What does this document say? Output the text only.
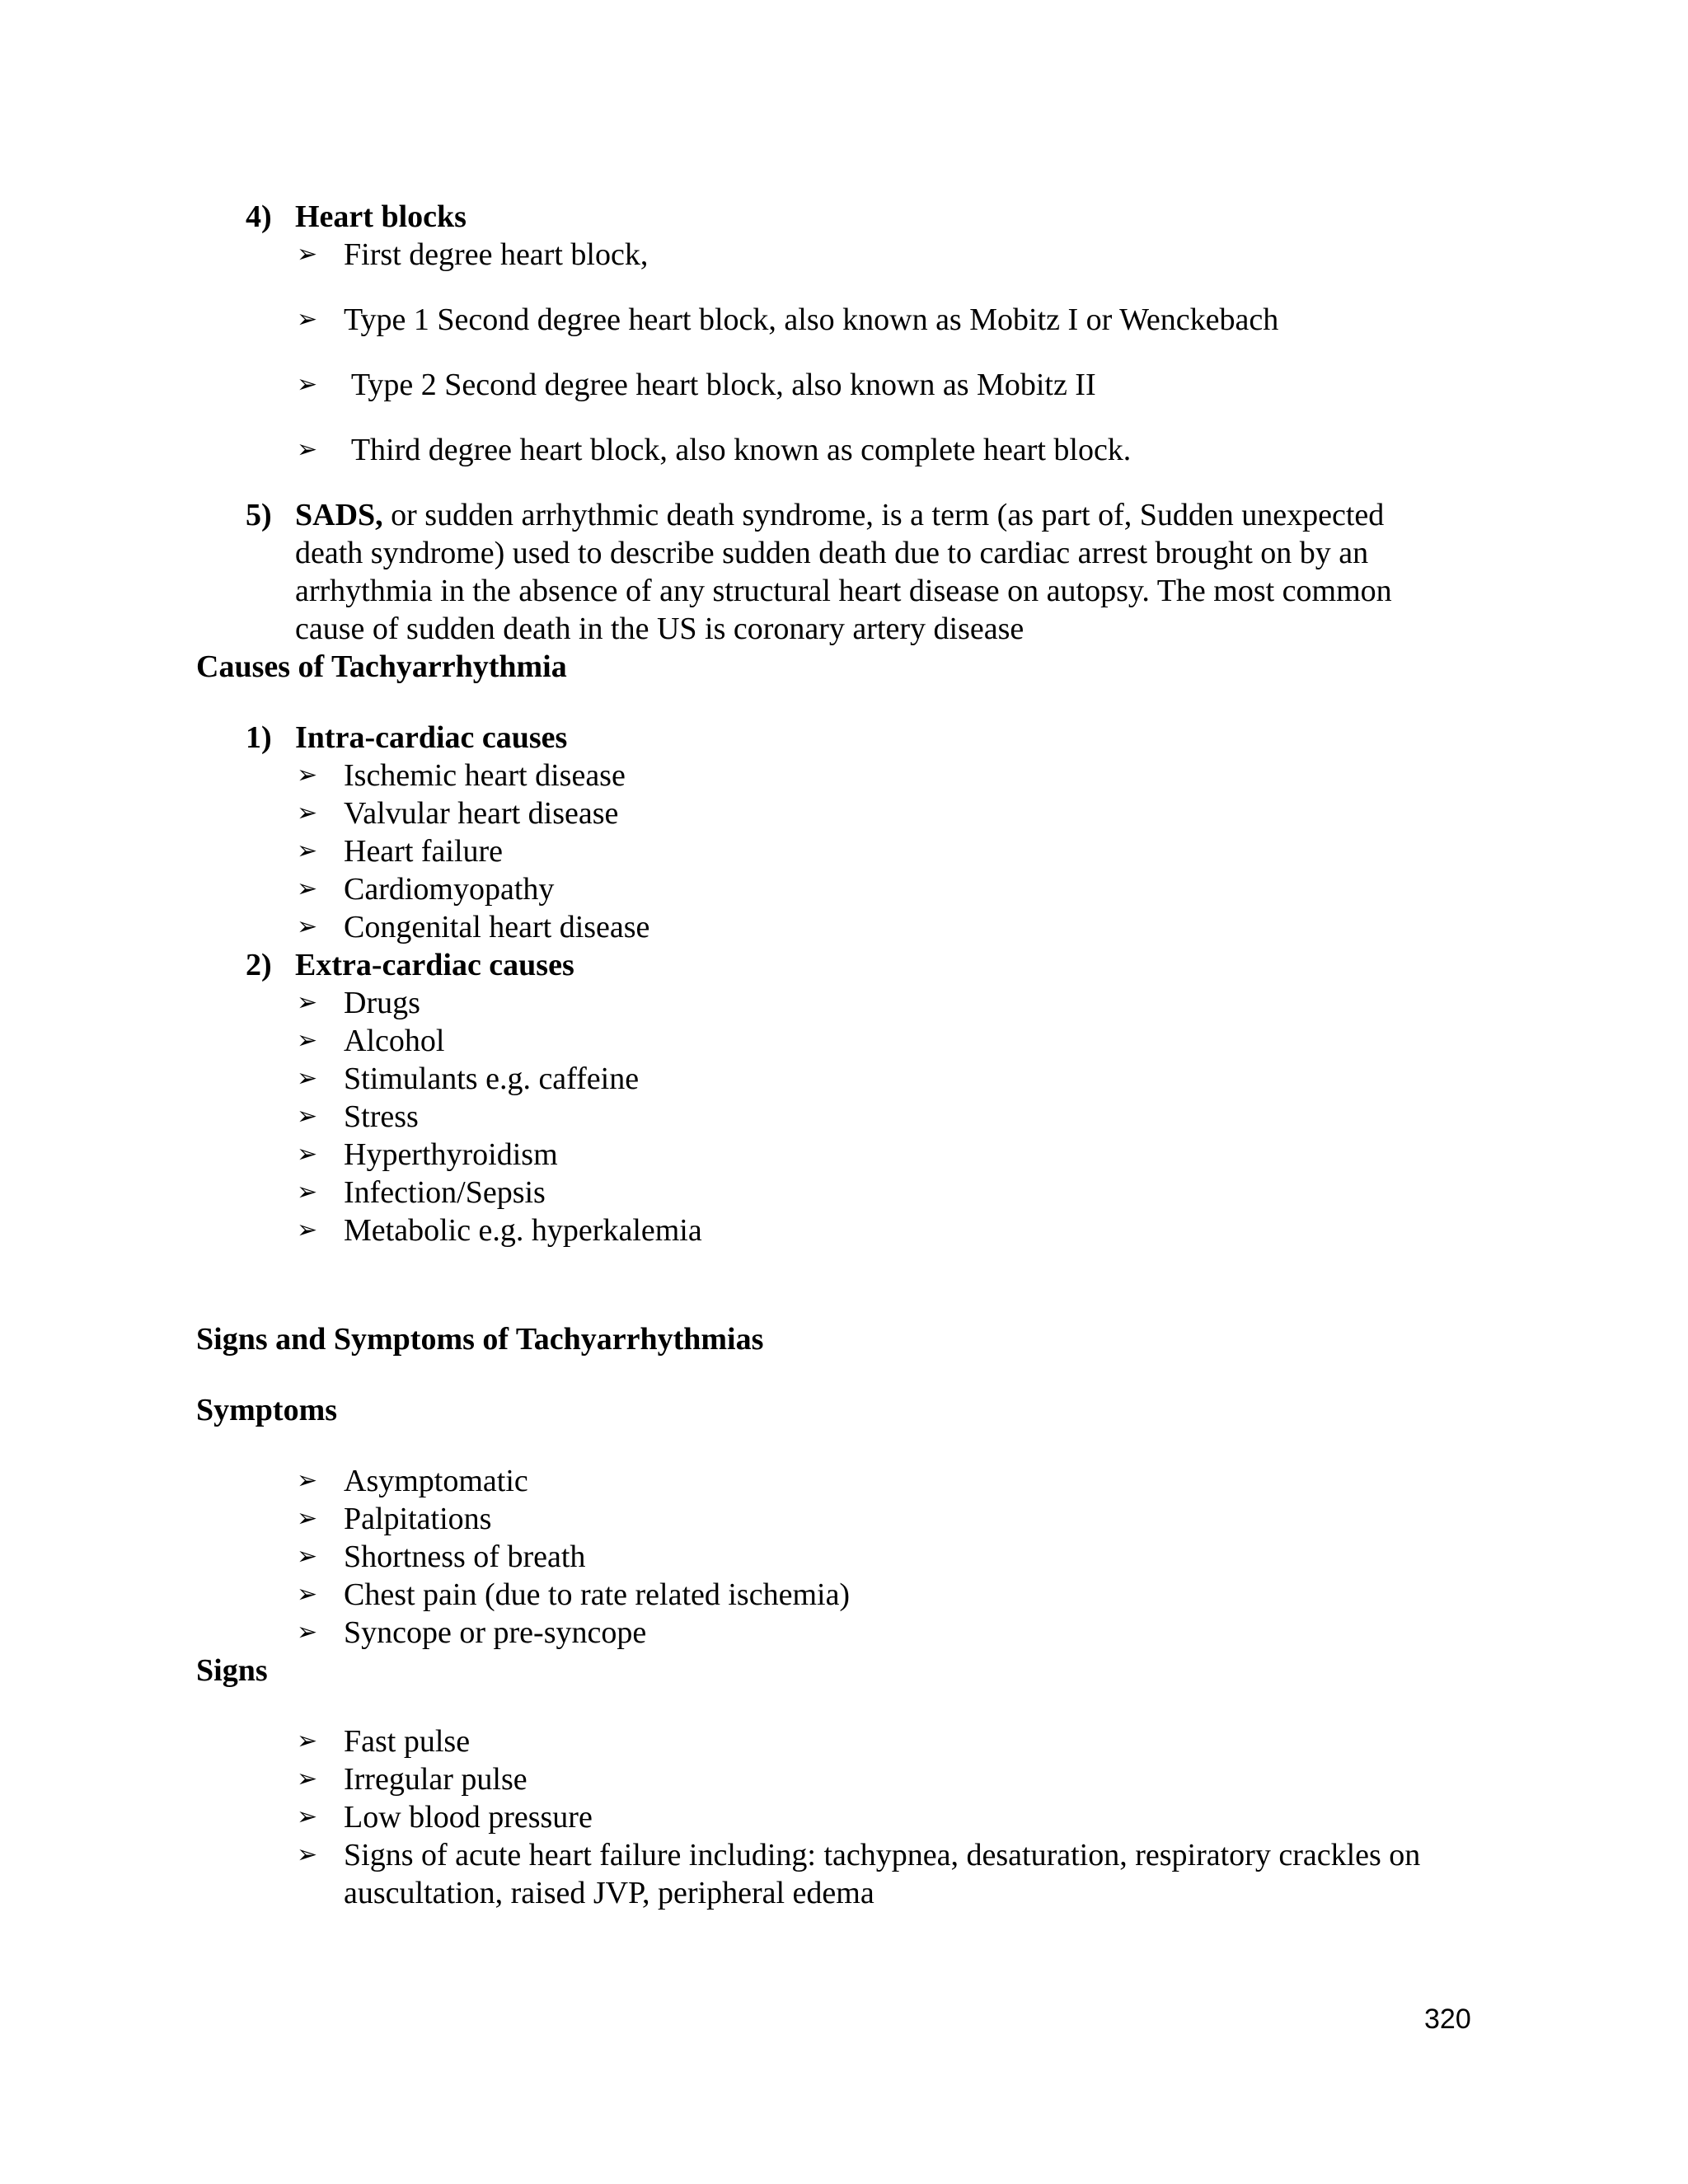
4) Heart blocks
➢ First degree heart block,
➢ Type 1 Second degree heart block, also known as Mobitz I or Wenckebach
➢ Type 2 Second degree heart block, also known as Mobitz II
➢ Third degree heart block, also known as complete heart block.
5) SADS, or sudden arrhythmic death syndrome, is a term (as part of, Sudden unexpected
death syndrome) used to describe sudden death due to cardiac arrest brought on by an
arrhythmia in the absence of any structural heart disease on autopsy. The most common
cause of sudden death in the US is coronary artery disease
Causes of Tachyarrhythmia
1) Intra-cardiac causes
➢ Ischemic heart disease
➢ Valvular heart disease
➢ Heart failure
➢ Cardiomyopathy
➢ Congenital heart disease
2) Extra-cardiac causes
➢ Drugs
➢ Alcohol
➢ Stimulants e.g. caffeine
➢ Stress
➢ Hyperthyroidism
➢ Infection/Sepsis
➢ Metabolic e.g. hyperkalemia
Signs and Symptoms of Tachyarrhythmias
Symptoms
➢ Asymptomatic
➢ Palpitations
➢ Shortness of breath
➢ Chest pain (due to rate related ischemia)
➢ Syncope or pre-syncope
Signs
➢ Fast pulse
➢ Irregular pulse
➢ Low blood pressure
➢ Signs of acute heart failure including: tachypnea, desaturation, respiratory crackles on
auscultation, raised JVP, peripheral edema
320
